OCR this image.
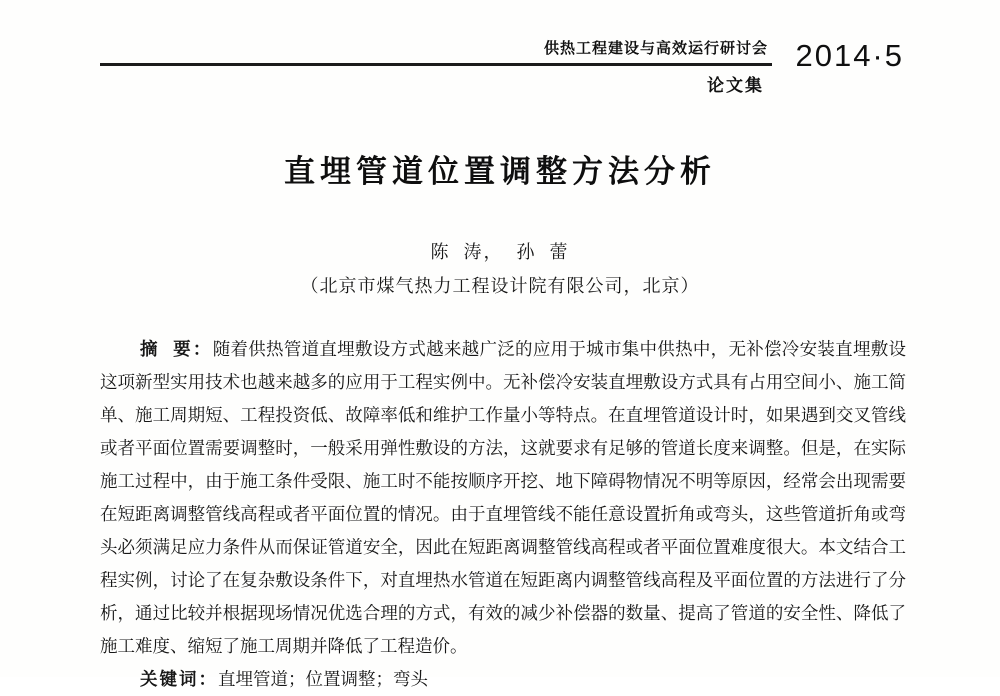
供热工程建设与高效运行研讨会 2014·5
论文集
直埋管道位置调整方法分析
陈  涛，  孙  蕾
（北京市煤气热力工程设计院有限公司，北京）

摘  要：随着供热管道直埋敷设方式越来越广泛的应用于城市集中供热中，无补偿冷安装直埋敷设这项新型实用技术也越来越多的应用于工程实例中。无补偿冷安装直埋敷设方式具有占用空间小、施工简单、施工周期短、工程投资低、故障率低和维护工作量小等特点。在直埋管道设计时，如果遇到交叉管线或者平面位置需要调整时，一般采用弹性敷设的方法，这就要求有足够的管道长度来调整。但是，在实际施工过程中，由于施工条件受限、施工时不能按顺序开挖、地下障碍物情况不明等原因，经常会出现需要在短距离调整管线高程或者平面位置的情况。由于直埋管线不能任意设置折角或弯头，这些管道折角或弯头必须满足应力条件从而保证管道安全，因此在短距离调整管线高程或者平面位置难度很大。本文结合工程实例，讨论了在复杂敷设条件下，对直埋热水管道在短距离内调整管线高程及平面位置的方法进行了分析，通过比较并根据现场情况优选合理的方式，有效的减少补偿器的数量、提高了管道的安全性、降低了施工难度、缩短了施工周期并降低了工程造价。

关键词：直埋管道；位置调整；弯头
